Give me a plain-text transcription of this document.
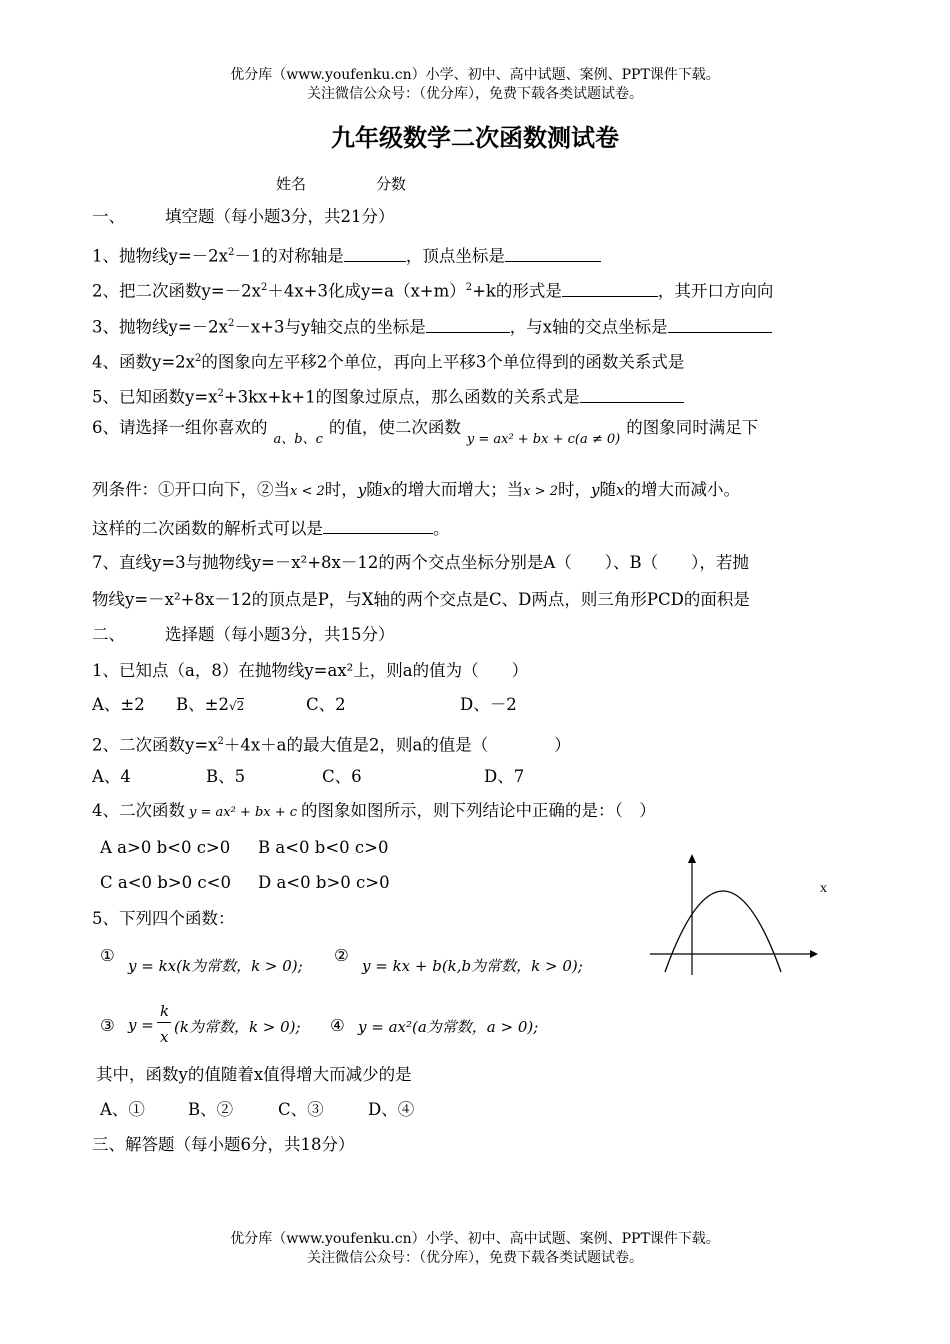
优分库（www.youfenku.cn）小学、初中、高中试题、案例、PPT课件下载。
关注微信公众号：（优分库），免费下载各类试题试卷。
九年级数学二次函数测试卷
姓名	分数
一、 填空题（每小题3分，共21分）
1、抛物线$y=-2x^2-1$的对称轴是	，顶点坐标是
2、把二次函数$y=-2x^2+4x+3$化成$y=a(x+m)^2+k$的形式是	，其开口方向向
3、抛物线$y=-2x^2-x+3$与y轴交点的坐标是	，与x轴的交点坐标是
4、函数$y=2x^2$的图象向左平移2个单位，再向上平移3个单位得到的函数关系式是
5、已知函数$y=x^2+3kx+k+1$的图象过原点，那么函数的关系式是
6、请选择一组你喜欢的$_{a、b、c}$的值，使二次函数$_{y = ax^2 + bx + c(a \ne 0)}$的图象同时满足下
列条件：①开口向下，②当x < 2时，y随x的增大而增大；当x > 2时，y随x的增大而减小。
这样的二次函数的解析式可以是	。
7、直线y=3与抛物线y=－x²+8x－12的两个交点坐标分别是A（　　）、B（　　），若抛
物线y=－x²+8x－12的顶点是P，与X轴的两个交点是C、D两点，则三角形PCD的面积是
二、 选择题（每小题3分，共15分）
1、已知点（a，8）在抛物线y=ax²上，则a的值为（　　）
A、±2 B、±2√2	C、2	D、－2
2、二次函数$y=x^2+4x+a$的最大值是2，则a的值是（　　　　）
A、4	B、5	C、6	D、7
4、二次函数 y = ax² + bx + c 的图象如图所示，则下列结论中正确的是：（　）
A a>0 b<0 c>0 B a<0 b<0 c>0
C a<0 b>0 c<0 D a<0 b>0 c>0	x
5、下列四个函数：
①
y = kx(k为常数，k > 0);
②
y = kx + b(k,b为常数，k > 0);
③ y =
k
x
(k为常数，k > 0); ④ y = ax²(a为常数，a > 0);
其中，函数y的值随着x值得增大而减少的是
A、①	B、②	C、③	D、④
三、解答题（每小题6分，共18分）
优分库（www.youfenku.cn）小学、初中、高中试题、案例、PPT课件下载。
关注微信公众号：（优分库），免费下载各类试题试卷。
